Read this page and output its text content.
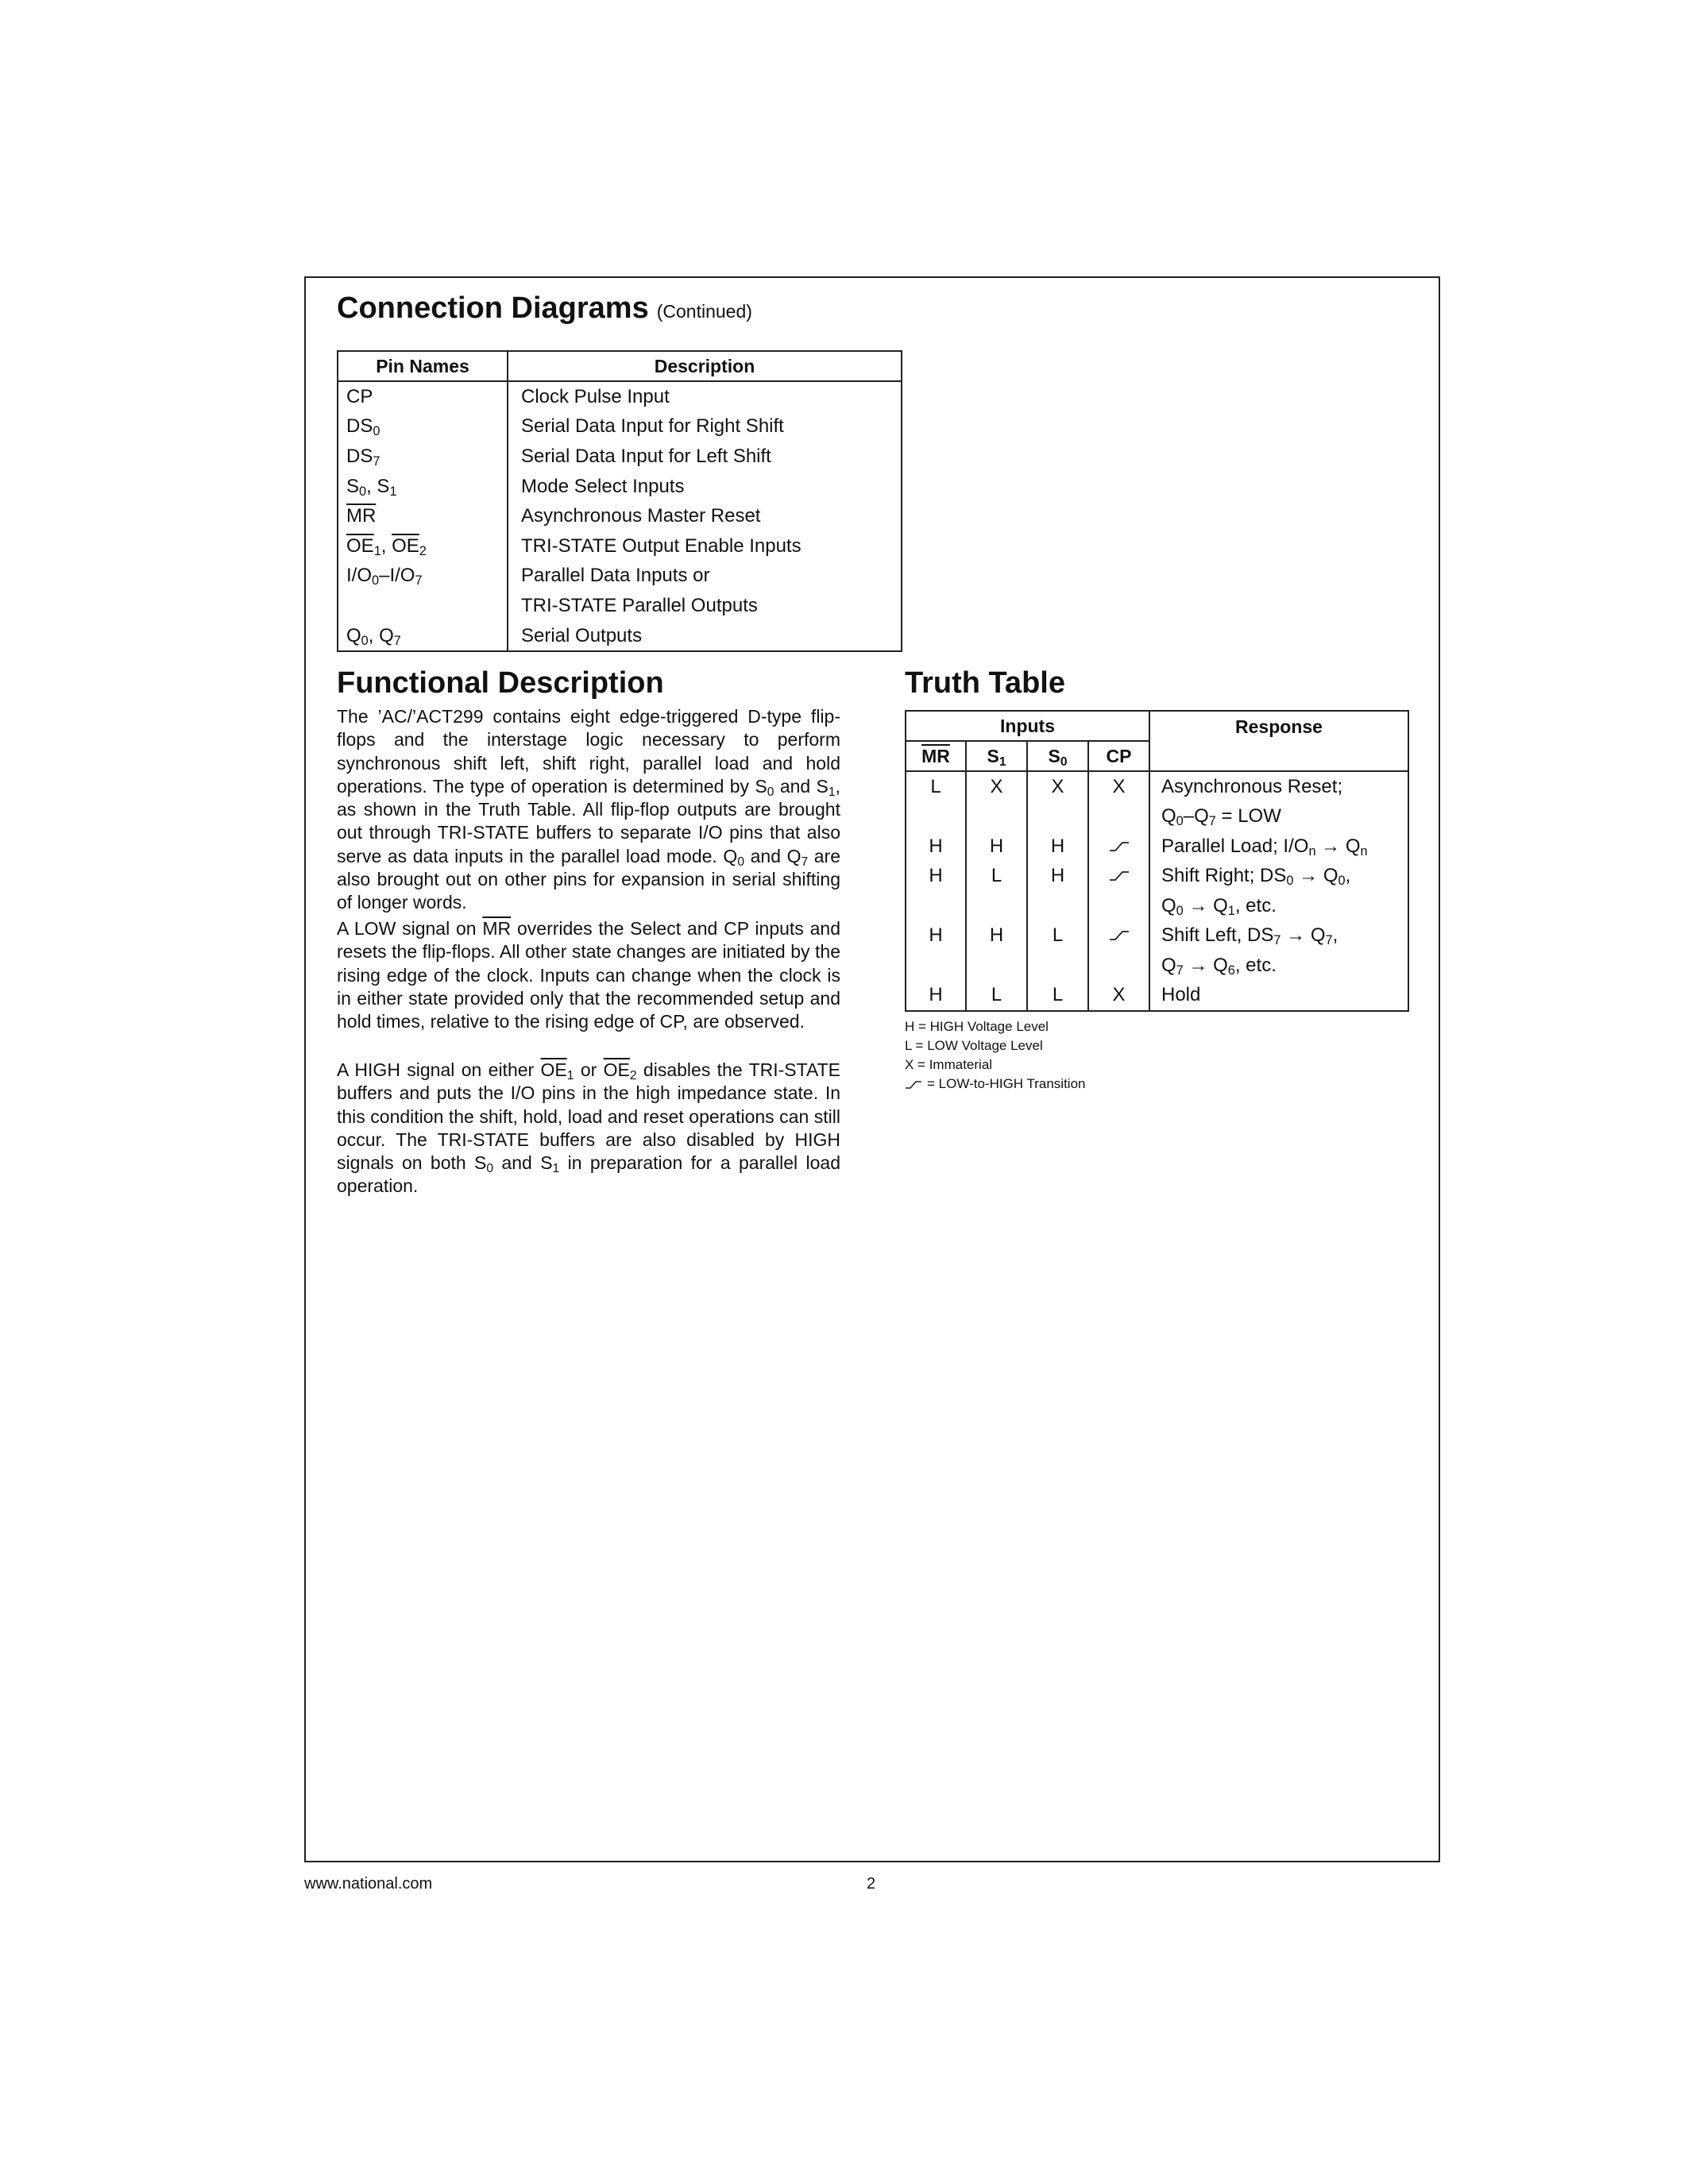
Connection Diagrams (Continued)
Pin Names	Description
CP	Clock Pulse Input
$DS_0$	Serial Data Input for Right Shift
$DS_7$	Serial Data Input for Left Shift
$S_0$, $S_1$	Mode Select Inputs
$\overline{MR}$	Asynchronous Master Reset
$\overline{OE}_1$, $\overline{OE}_2$	TRI-STATE Output Enable Inputs
$I/O_0-I/O_7$	Parallel Data Inputs or
	TRI-STATE Parallel Outputs
$Q_0$, $Q_7$	Serial Outputs
Functional Description

The ’AC/’ACT299 contains eight edge-triggered D-type flip-flops and the interstage logic necessary to perform synchronous shift left, shift right, parallel load and hold operations. The type of operation is determined by $S_0$ and $S_1$, as shown in the Truth Table. All flip-flop outputs are brought out through TRI-STATE buffers to separate I/O pins that also serve as data inputs in the parallel load mode. $Q_0$ and $Q_7$ are also brought out on other pins for expansion in serial shifting of longer words.

A LOW signal on $\overline{MR}$ overrides the Select and CP inputs and resets the flip-flops. All other state changes are initiated by the rising edge of the clock. Inputs can change when the clock is in either state provided only that the recommended setup and hold times, relative to the rising edge of CP, are observed.

A HIGH signal on either $\overline{OE}_1$ or $\overline{OE}_2$ disables the TRI-STATE buffers and puts the I/O pins in the high impedance state. In this condition the shift, hold, load and reset operations can still occur. The TRI-STATE buffers are also disabled by HIGH signals on both $S_0$ and $S_1$ in preparation for a parallel load operation.

Truth Table
Inputs				Response
$\overline{MR}$	$S_1$	$S_0$	CP	
L	X	X	X	Asynchronous Reset;
				$Q_0-Q_7$ = LOW
H	H	H		Parallel Load; $I/O_n \to Q_n$
H	L	H		Shift Right; $DS_0 \to Q_0$,
				$Q_0 \to Q_1$, etc.
H	H	L		Shift Left, $DS_7 \to Q_7$,
				$Q_7 \to Q_6$, etc.
H	L	L	X	Hold
H = HIGH Voltage Level
L = LOW Voltage Level
X = Immaterial
= LOW-to-HIGH Transition
www.national.com	2
